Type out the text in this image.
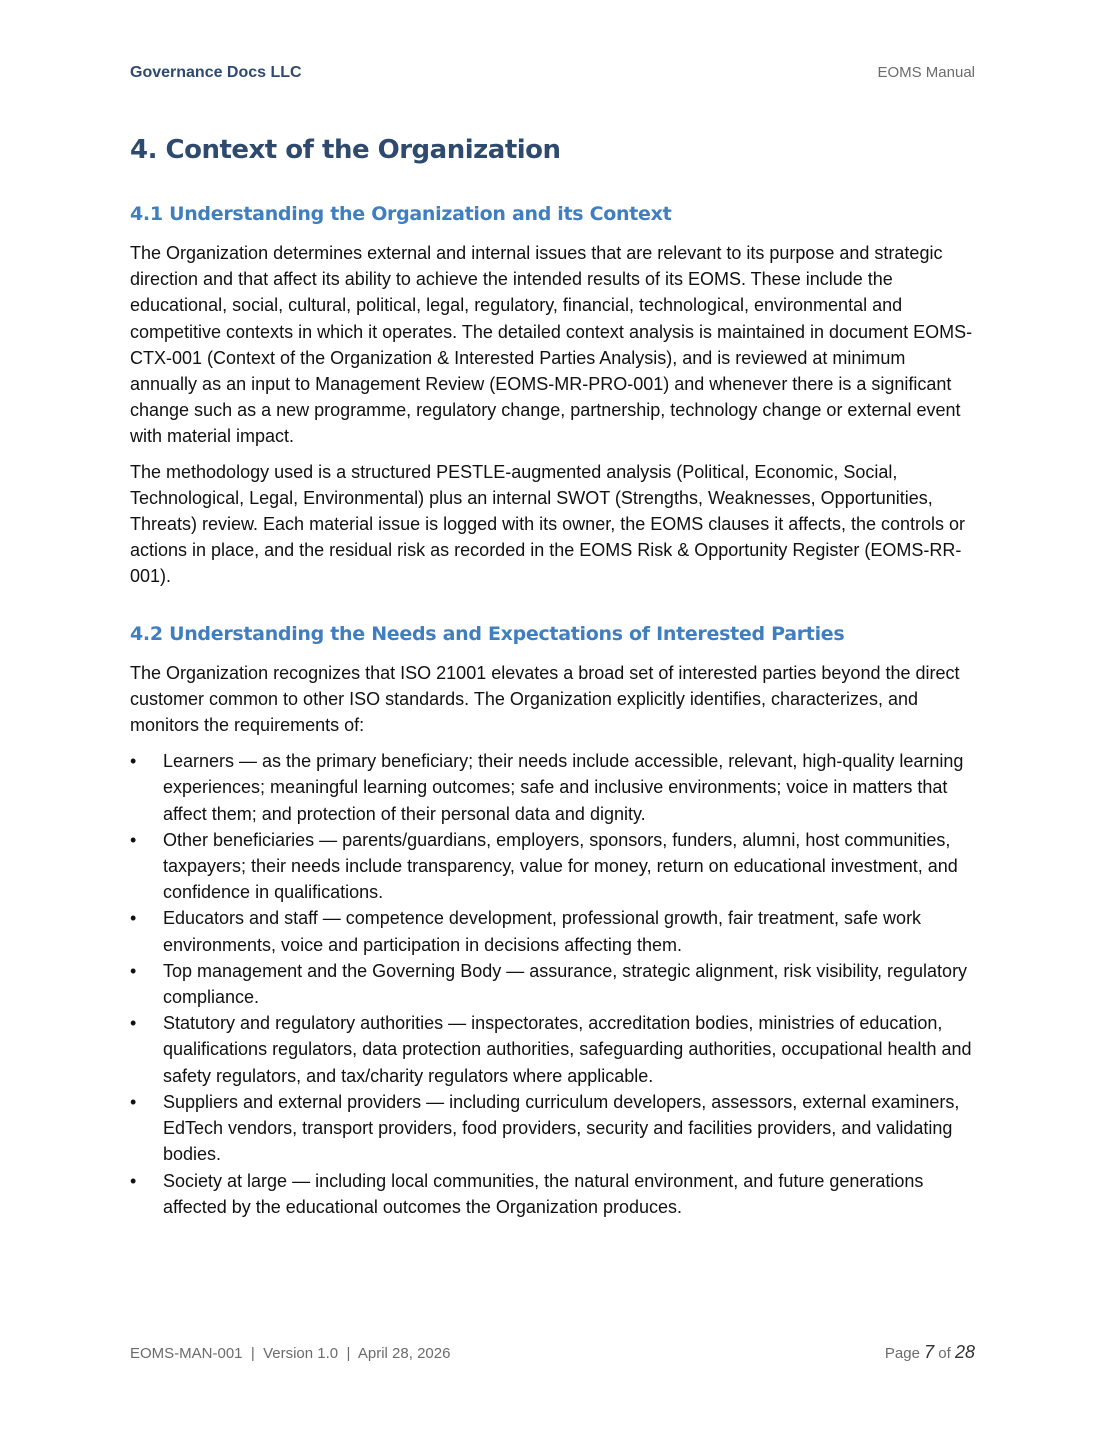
Governance Docs LLC	EOMS Manual
4. Context of the Organization
4.1 Understanding the Organization and its Context

The Organization determines external and internal issues that are relevant to its purpose and strategic direction and that affect its ability to achieve the intended results of its EOMS. These include the educational, social, cultural, political, legal, regulatory, financial, technological, environmental and competitive contexts in which it operates. The detailed context analysis is maintained in document EOMS-CTX-001 (Context of the Organization & Interested Parties Analysis), and is reviewed at minimum annually as an input to Management Review (EOMS-MR-PRO-001) and whenever there is a significant change such as a new programme, regulatory change, partnership, technology change or external event with material impact.

The methodology used is a structured PESTLE-augmented analysis (Political, Economic, Social, Technological, Legal, Environmental) plus an internal SWOT (Strengths, Weaknesses, Opportunities, Threats) review. Each material issue is logged with its owner, the EOMS clauses it affects, the controls or actions in place, and the residual risk as recorded in the EOMS Risk & Opportunity Register (EOMS-RR-001).

4.2 Understanding the Needs and Expectations of Interested Parties

The Organization recognizes that ISO 21001 elevates a broad set of interested parties beyond the direct customer common to other ISO standards. The Organization explicitly identifies, characterizes, and monitors the requirements of:

• Learners — as the primary beneficiary; their needs include accessible, relevant, high-quality learning experiences; meaningful learning outcomes; safe and inclusive environments; voice in matters that affect them; and protection of their personal data and dignity.
• Other beneficiaries — parents/guardians, employers, sponsors, funders, alumni, host communities, taxpayers; their needs include transparency, value for money, return on educational investment, and confidence in qualifications.
• Educators and staff — competence development, professional growth, fair treatment, safe work environments, voice and participation in decisions affecting them.
• Top management and the Governing Body — assurance, strategic alignment, risk visibility, regulatory compliance.
• Statutory and regulatory authorities — inspectorates, accreditation bodies, ministries of education, qualifications regulators, data protection authorities, safeguarding authorities, occupational health and safety regulators, and tax/charity regulators where applicable.
• Suppliers and external providers — including curriculum developers, assessors, external examiners, EdTech vendors, transport providers, food providers, security and facilities providers, and validating bodies.
• Society at large — including local communities, the natural environment, and future generations affected by the educational outcomes the Organization produces.
EOMS-MAN-001  |  Version 1.0  |  April 28, 2026	Page 7 of 28
